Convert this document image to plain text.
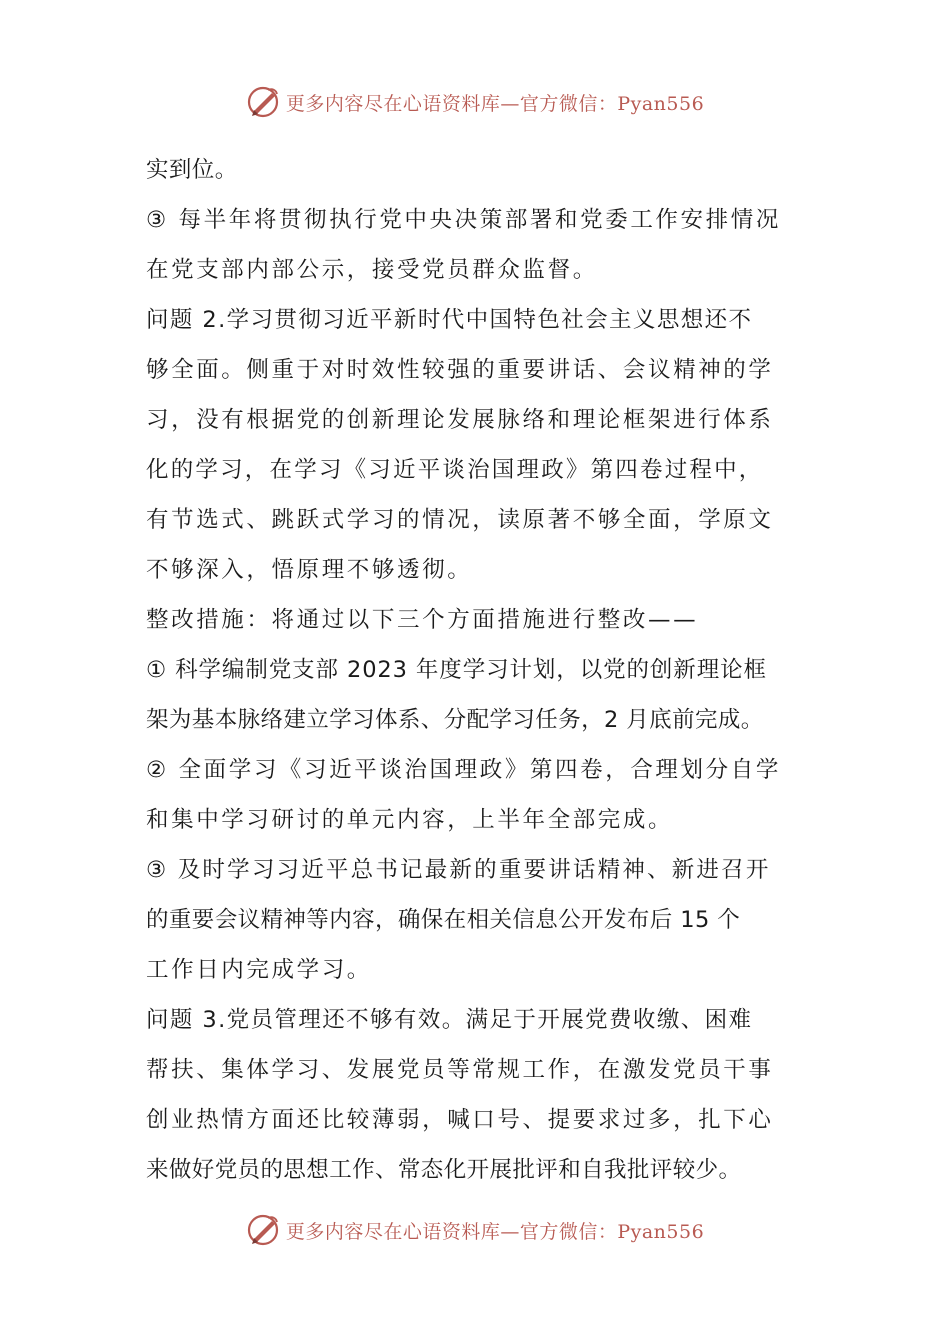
更多内容尽在心语资料库—官方微信：Pyan556
实到位。
③ 每半年将贯彻执行党中央决策部署和党委工作安排情况
在党支部内部公示，接受党员群众监督。
问题 2.学习贯彻习近平新时代中国特色社会主义思想还不
够全面。侧重于对时效性较强的重要讲话、会议精神的学
习，没有根据党的创新理论发展脉络和理论框架进行体系
化的学习，在学习《习近平谈治国理政》第四卷过程中，
有节选式、跳跃式学习的情况，读原著不够全面，学原文
不够深入，悟原理不够透彻。
整改措施：将通过以下三个方面措施进行整改——
① 科学编制党支部 2023 年度学习计划，以党的创新理论框
架为基本脉络建立学习体系、分配学习任务，2 月底前完成。
② 全面学习《习近平谈治国理政》第四卷，合理划分自学
和集中学习研讨的单元内容，上半年全部完成。
③ 及时学习习近平总书记最新的重要讲话精神、新进召开
的重要会议精神等内容，确保在相关信息公开发布后 15 个
工作日内完成学习。
问题 3.党员管理还不够有效。满足于开展党费收缴、困难
帮扶、集体学习、发展党员等常规工作，在激发党员干事
创业热情方面还比较薄弱，喊口号、提要求过多，扎下心
来做好党员的思想工作、常态化开展批评和自我批评较少。
更多内容尽在心语资料库—官方微信：Pyan556
